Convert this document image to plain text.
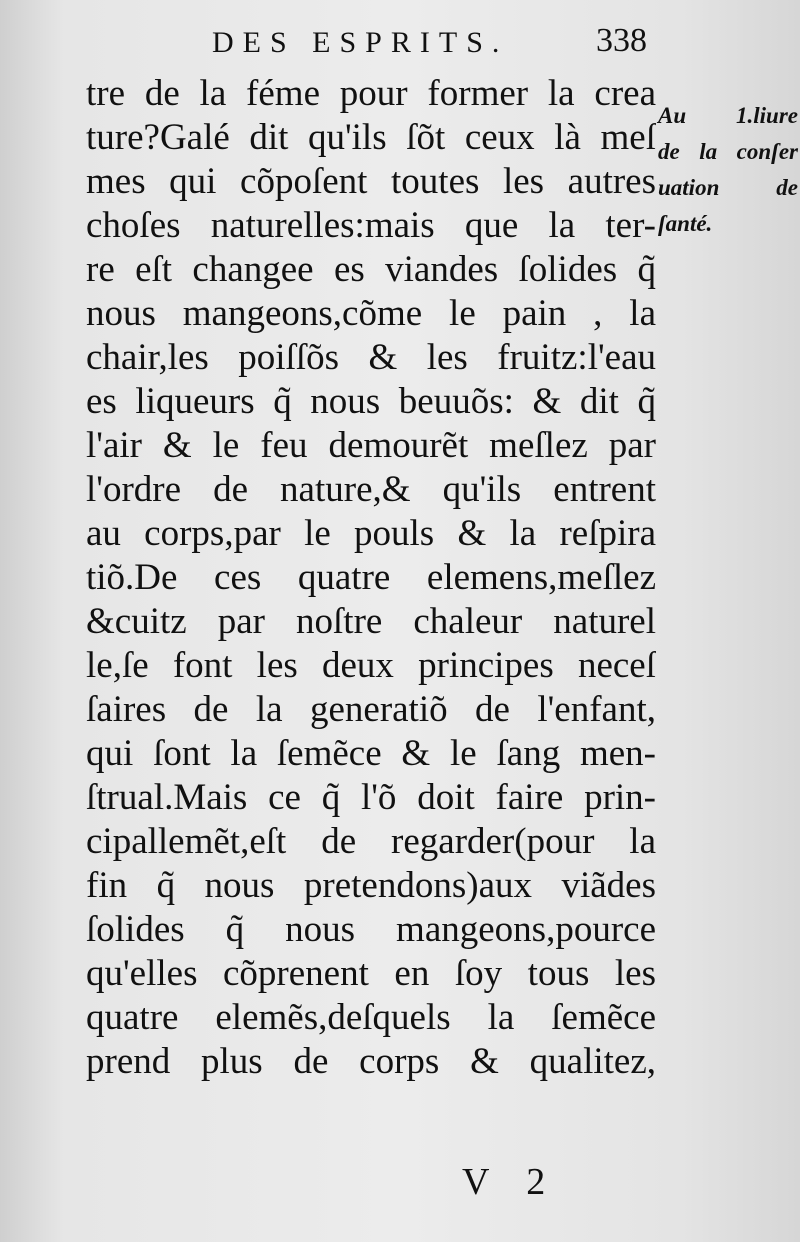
DES ESPRITS.	338
tre de la féme pour former la crea
ture?Galé dit qu'ils ſõt ceux là meſ
mes qui cõpoſent toutes les autres
choſes naturelles:mais que la ter-
re eſt changee es viandes ſolides q̃
nous mangeons,cõme le pain , la
chair,les poiſſõs & les fruitz:l'eau
es liqueurs q̃ nous beuuõs: & dit q̃
l'air & le feu demourẽt meſlez par
l'ordre de nature,& qu'ils entrent
au corps,par le pouls & la reſpira
tiõ.De ces quatre elemens,meſlez
&cuitz par noſtre chaleur naturel
le,ſe font les deux principes neceſ
ſaires de la generatiõ de l'enfant,
qui ſont la ſemẽce & le ſang men-
ſtrual.Mais ce q̃ l'õ doit faire prin-
cipallemẽt,eſt de regarder(pour la
fin q̃ nous pretendons)aux viãdes
ſolides q̃ nous mangeons,pource
qu'elles cõprenent en ſoy tous les
quatre elemẽs,deſquels la ſemẽce
prend plus de corps & qualitez,
Au 1.liure
de la conſer
uation de
ſanté.
V 2
